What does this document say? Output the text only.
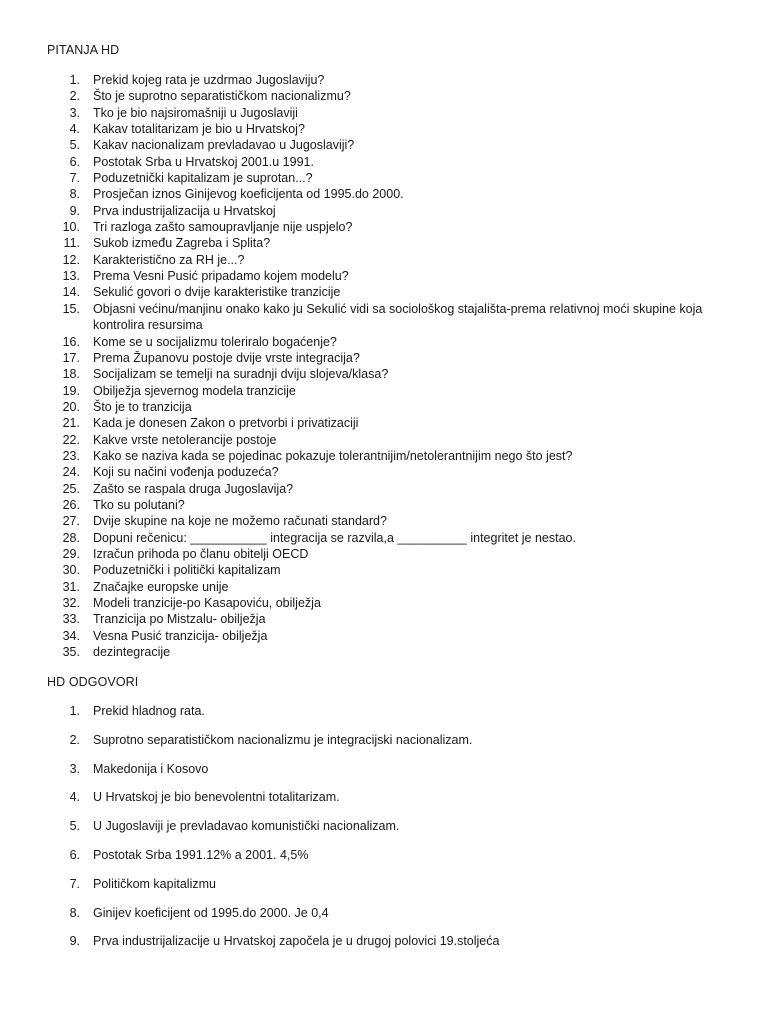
PITANJA HD
1. Prekid kojeg rata je uzdrmao Jugoslaviju?
2. Što je suprotno separatističkom nacionalizmu?
3. Tko je bio najsiromašniji u Jugoslaviji
4. Kakav totalitarizam je bio u Hrvatskoj?
5. Kakav nacionalizam prevladavao u Jugoslaviji?
6. Postotak Srba u Hrvatskoj 2001.u 1991.
7. Poduzetnički kapitalizam je suprotan...?
8. Prosječan iznos Ginijevog koeficijenta od 1995.do 2000.
9. Prva industrijalizacija u Hrvatskoj
10. Tri razloga zašto samoupravljanje nije uspjelo?
11. Sukob između Zagreba i Splita?
12. Karakteristično za RH je...?
13. Prema Vesni Pusić pripadamo kojem modelu?
14. Sekulić govori o dvije karakteristike tranzicije
15. Objasni većinu/manjinu onako kako ju Sekulić vidi sa sociološkog stajališta-prema relativnoj moći skupine koja kontrolira resursima
16. Kome se u socijalizmu toleriralo bogaćenje?
17. Prema Županovu postoje dvije vrste integracija?
18. Socijalizam se temelji na suradnji dviju slojeva/klasa?
19. Obilježja sjevernog modela tranzicije
20. Što je to tranzicija
21. Kada je donesen Zakon o pretvorbi i privatizaciji
22. Kakve vrste netolerancije postoje
23. Kako se naziva kada se pojedinac pokazuje tolerantnijim/netolerantnijim nego što jest?
24. Koji su načini vođenja poduzeća?
25. Zašto se raspala druga Jugoslavija?
26. Tko su polutani?
27. Dvije skupine na koje ne možemo računati standard?
28. Dopuni rečenicu: ___________ integracija se razvila,a __________ integritet je nestao.
29. Izračun prihoda po članu obitelji OECD
30. Poduzetnički i politički kapitalizam
31. Značajke europske unije
32. Modeli tranzicije-po Kasapoviću, obilježja
33. Tranzicija po Mistzalu- obilježja
34. Vesna Pusić tranzicija- obilježja
35. dezintegracije
HD ODGOVORI
1. Prekid hladnog rata.
2. Suprotno separatističkom nacionalizmu je integracijski nacionalizam.
3. Makedonija i Kosovo
4. U Hrvatskoj je bio benevolentni totalitarizam.
5. U Jugoslaviji je prevladavao komunistički nacionalizam.
6. Postotak Srba 1991.12% a 2001. 4,5%
7. Političkom kapitalizmu
8. Ginijev koeficijent od 1995.do 2000. Je 0,4
9. Prva industrijalizacije u Hrvatskoj započela je u drugoj polovici 19.stoljeća
